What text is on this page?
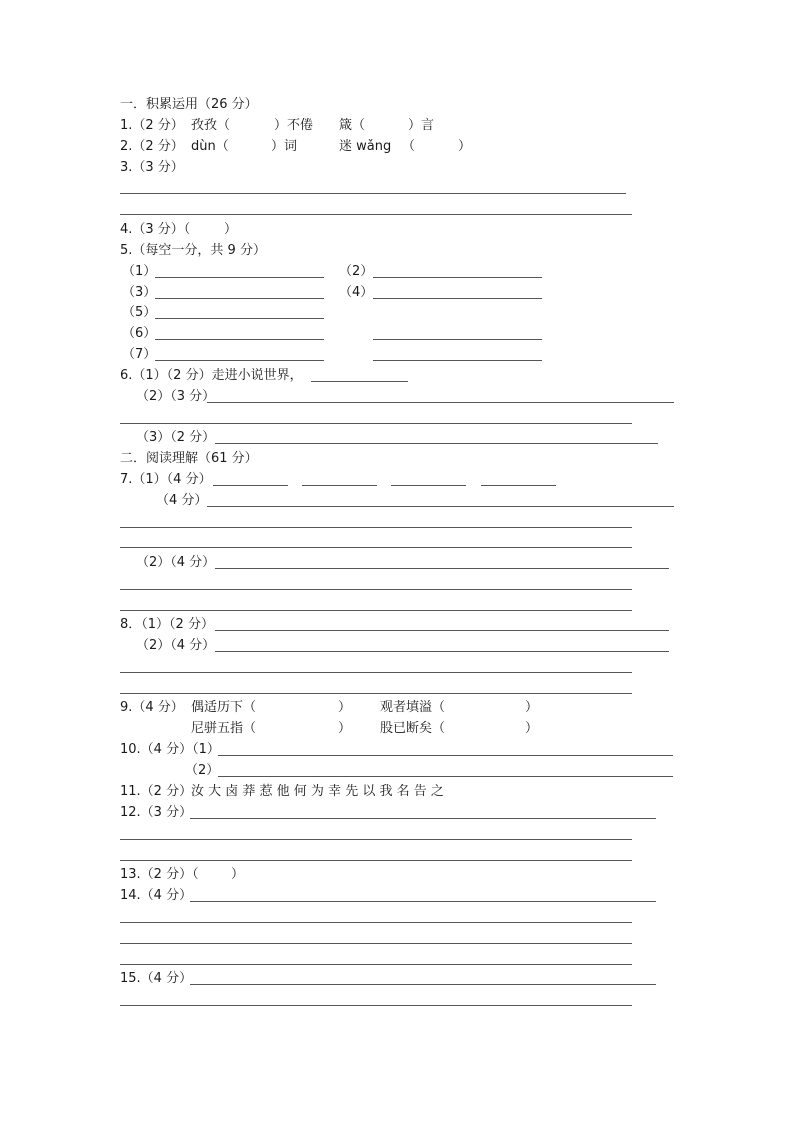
一．积累运用（26 分）
1.（2 分） 孜孜（	）不倦 箴（	）言
2.（2 分） dùn（	）词	迷 wǎng （	）
3.（3 分）
4.（3 分）（	）
5.（每空一分，共 9 分）
（1）	（2）
（3）	（4）
（5）
（6）
（7）
6.（1）（2 分）走进小说世界，
（2）（3 分）
（3）（2 分）
二．阅读理解（61 分）
7.（1）（4 分）
（4 分）
（2）（4 分）
8．（1）（2 分）
（2）（4 分）
9.（4 分） 偶适历下（	） 观者填溢（	）
尼骈五指（	） 股已断矣（	）
10.（4 分）（1）
（2）
11.（2 分）
汝 大 卤 莽 惹 他 何 为 幸 先 以 我 名 告 之
12.（3 分）
13.（2 分）（ ）
14.（4 分）
15.（4 分）
